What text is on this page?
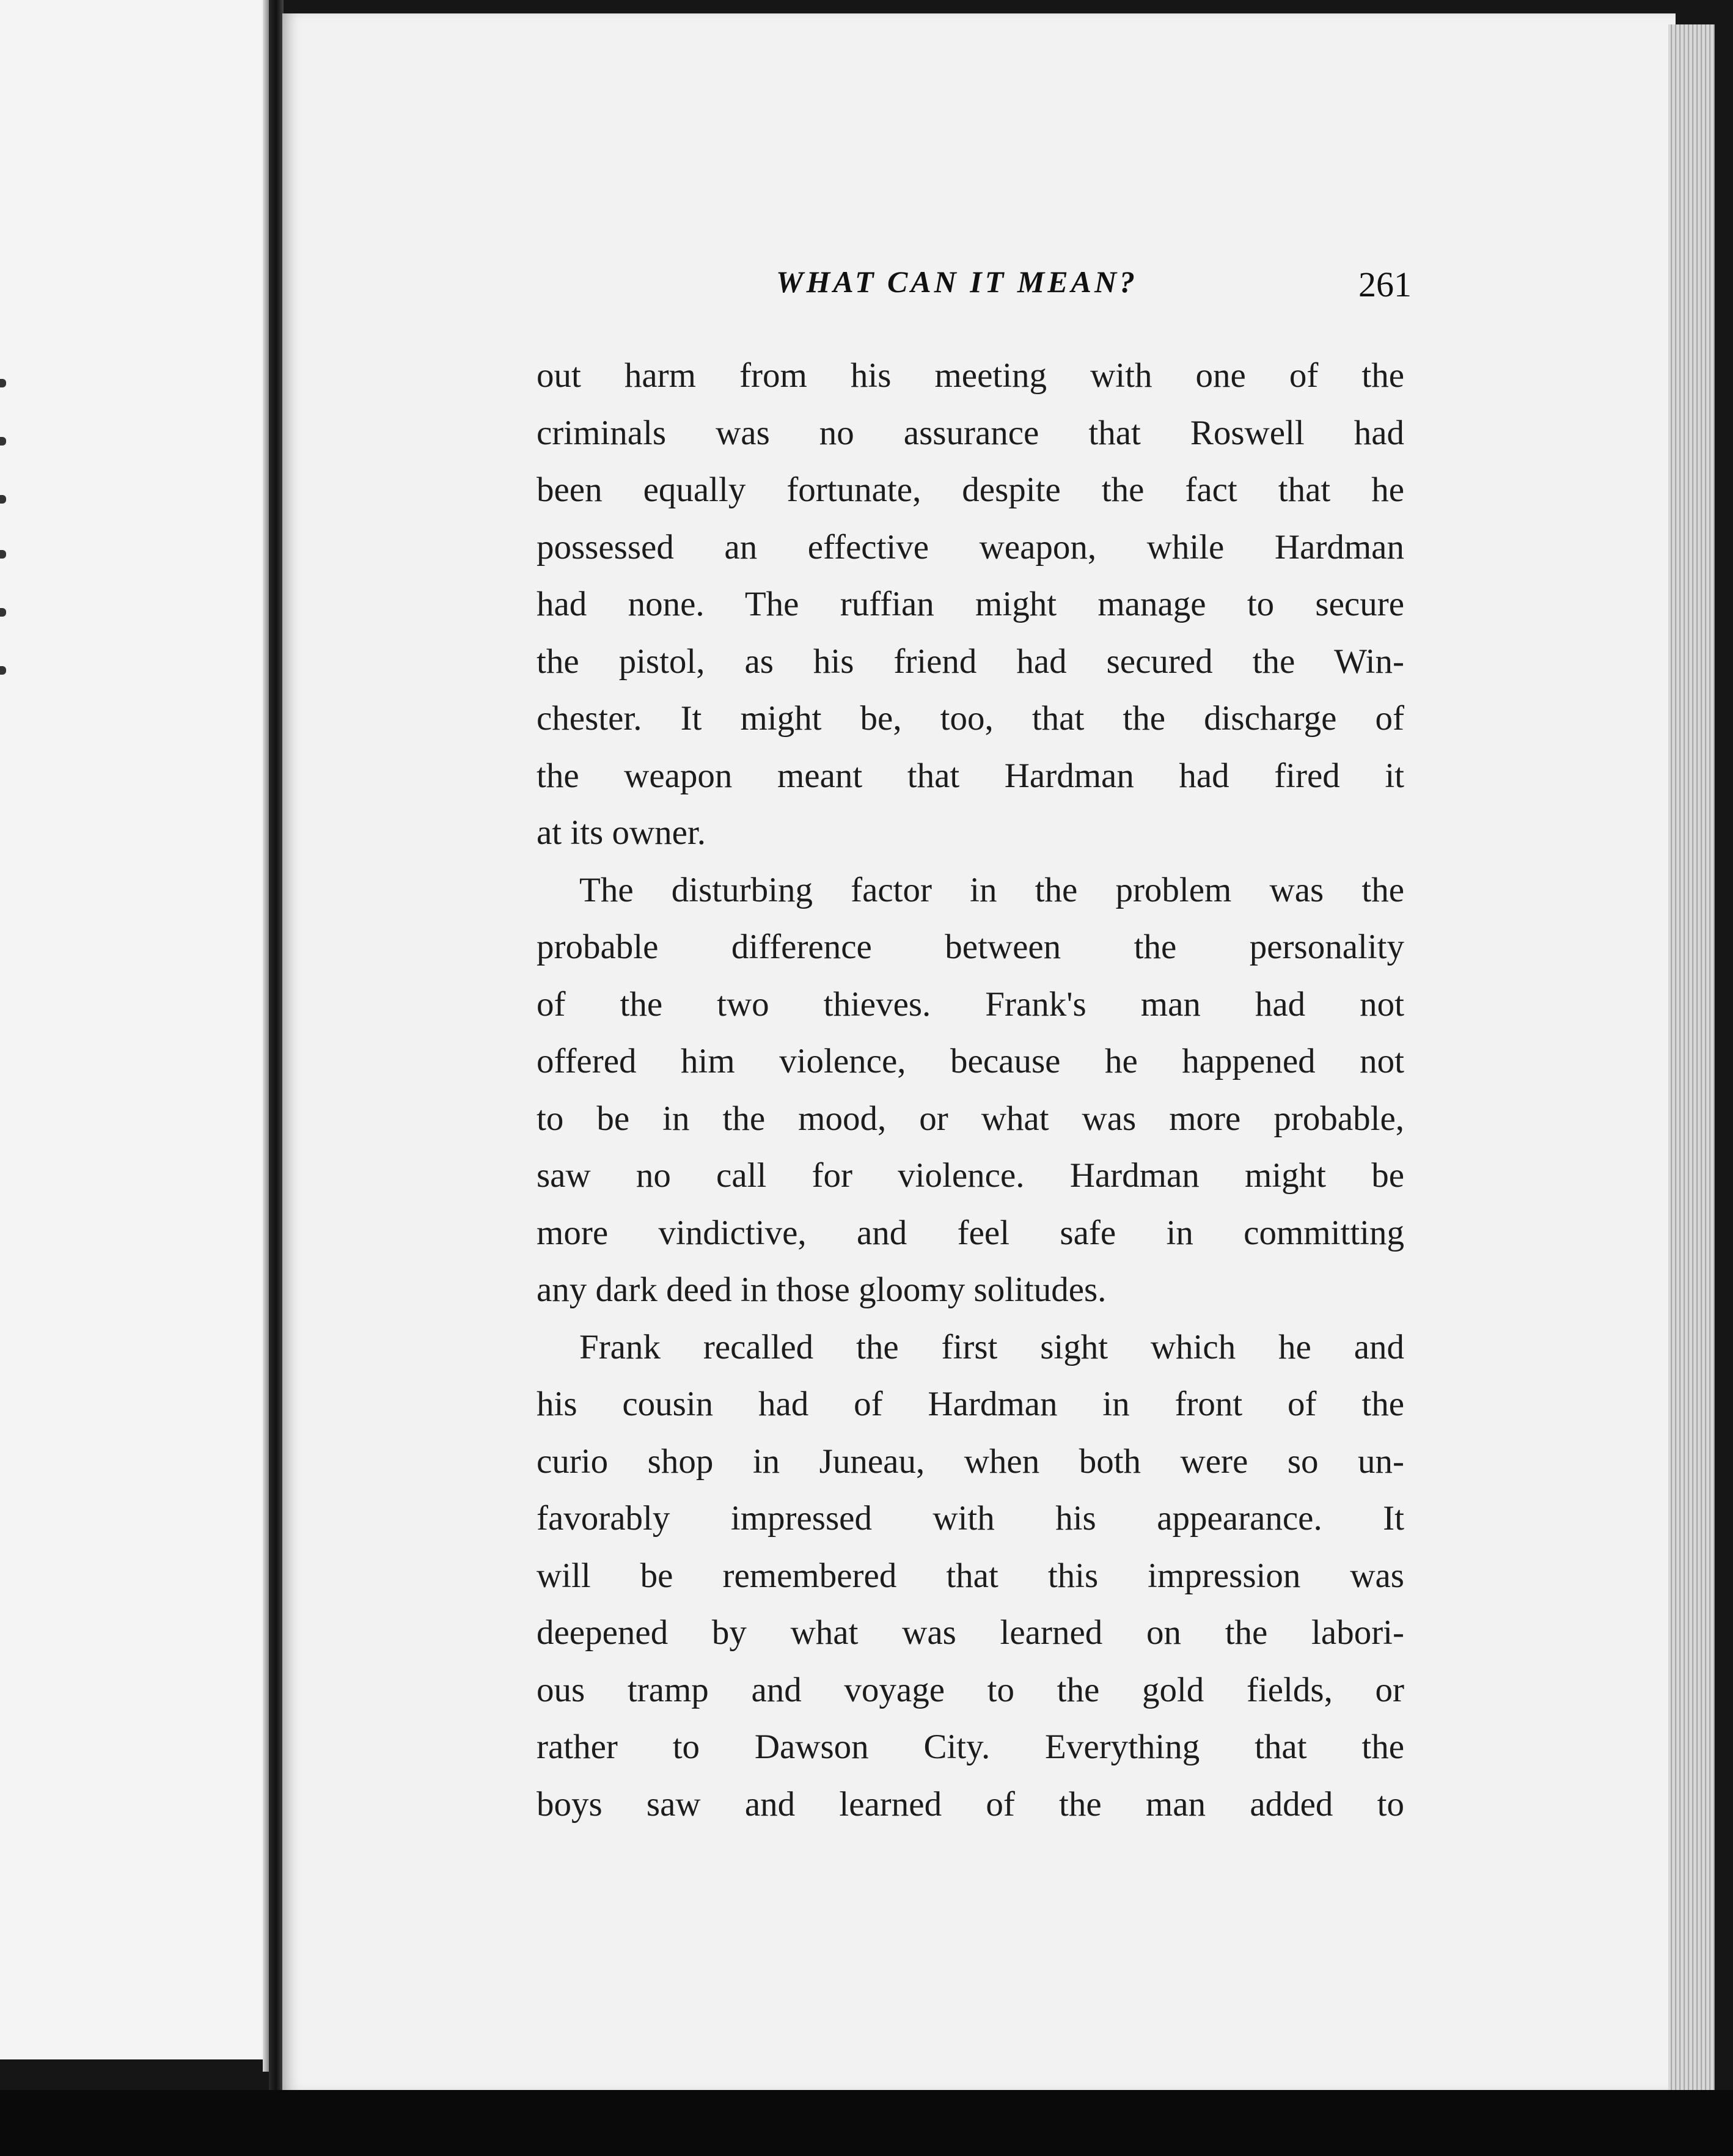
WHAT CAN IT MEAN?	261
out harm from his meeting with one of the
criminals was no assurance that Roswell had
been equally fortunate, despite the fact that he
possessed an effective weapon, while Hardman
had none. The ruffian might manage to secure
the pistol, as his friend had secured the Win-
chester. It might be, too, that the discharge of
the weapon meant that Hardman had fired it
at its owner.
The disturbing factor in the problem was the
probable difference between the personality
of the two thieves. Frank's man had not
offered him violence, because he happened not
to be in the mood, or what was more probable,
saw no call for violence. Hardman might be
more vindictive, and feel safe in committing
any dark deed in those gloomy solitudes.
Frank recalled the first sight which he and
his cousin had of Hardman in front of the
curio shop in Juneau, when both were so un-
favorably impressed with his appearance. It
will be remembered that this impression was
deepened by what was learned on the labori-
ous tramp and voyage to the gold fields, or
rather to Dawson City. Everything that the
boys saw and learned of the man added to
